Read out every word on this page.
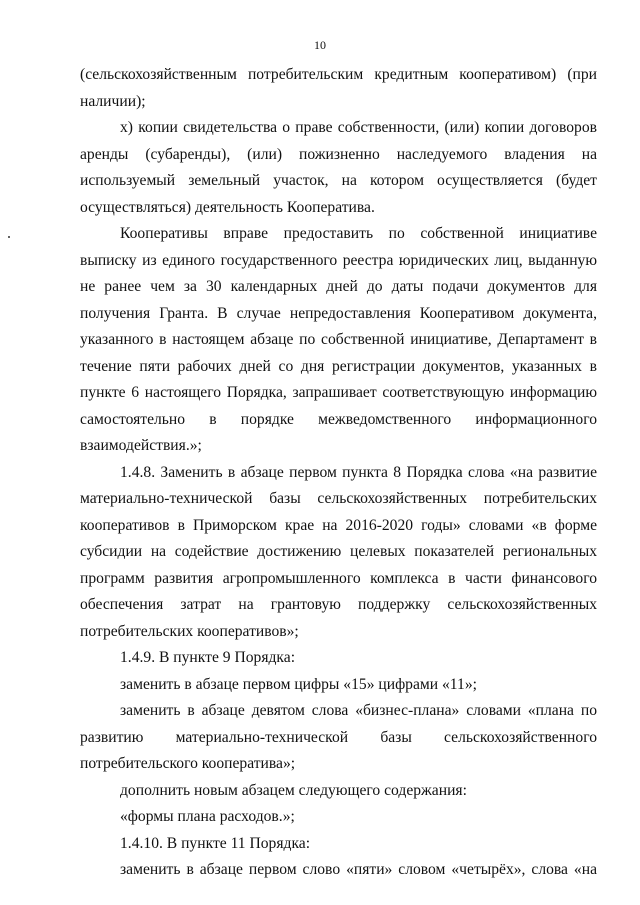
10

(сельскохозяйственным потребительским кредитным кооперативом) (при наличии);

х) копии свидетельства о праве собственности, (или) копии договоров аренды (субаренды), (или) пожизненно наследуемого владения на используемый земельный участок, на котором осуществляется (будет осуществляться) деятельность Кооператива.

Кооперативы вправе предоставить по собственной инициативе выписку из единого государственного реестра юридических лиц, выданную не ранее чем за 30 календарных дней до даты подачи документов для получения Гранта. В случае непредоставления Кооперативом документа, указанного в настоящем абзаце по собственной инициативе, Департамент в течение пяти рабочих дней со дня регистрации документов, указанных в пункте 6 настоящего Порядка, запрашивает соответствующую информацию самостоятельно в порядке межведомственного информационного взаимодействия.»;

1.4.8. Заменить в абзаце первом пункта 8 Порядка слова «на развитие материально-технической базы сельскохозяйственных потребительских кооперативов в Приморском крае на 2016-2020 годы» словами «в форме субсидии на содействие достижению целевых показателей региональных программ развития агропромышленного комплекса в части финансового обеспечения затрат на грантовую поддержку сельскохозяйственных потребительских кооперативов»;

1.4.9. В пункте 9 Порядка:

заменить в абзаце первом цифры «15» цифрами «11»;

заменить в абзаце девятом слова «бизнес-плана» словами «плана по развитию материально-технической базы сельскохозяйственного потребительского кооператива»;

дополнить новым абзацем следующего содержания:

«формы плана расходов.»;

1.4.10. В пункте 11 Порядка:

заменить в абзаце первом слово «пяти» словом «четырёх», слова «на
